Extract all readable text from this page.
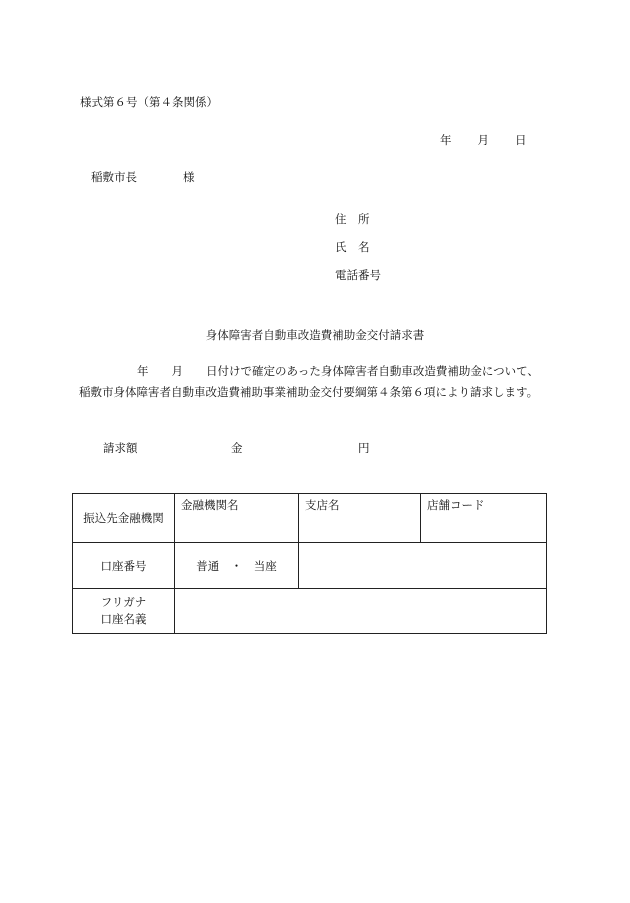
様式第６号（第４条関係）
年 月 日
稲敷市長	様
住　所
氏　名
電話番号
身体障害者自動車改造費補助金交付請求書
年　　月　　日付けで確定のあった身体障害者自動車改造費補助金について、
稲敷市身体障害者自動車改造費補助事業補助金交付要綱第４条第６項により請求します。
請求額	金	円
振込先金融機関	金融機関名	支店名	店舗コード
口座番号	普通　・　当座		

フリガナ
口座名義			
